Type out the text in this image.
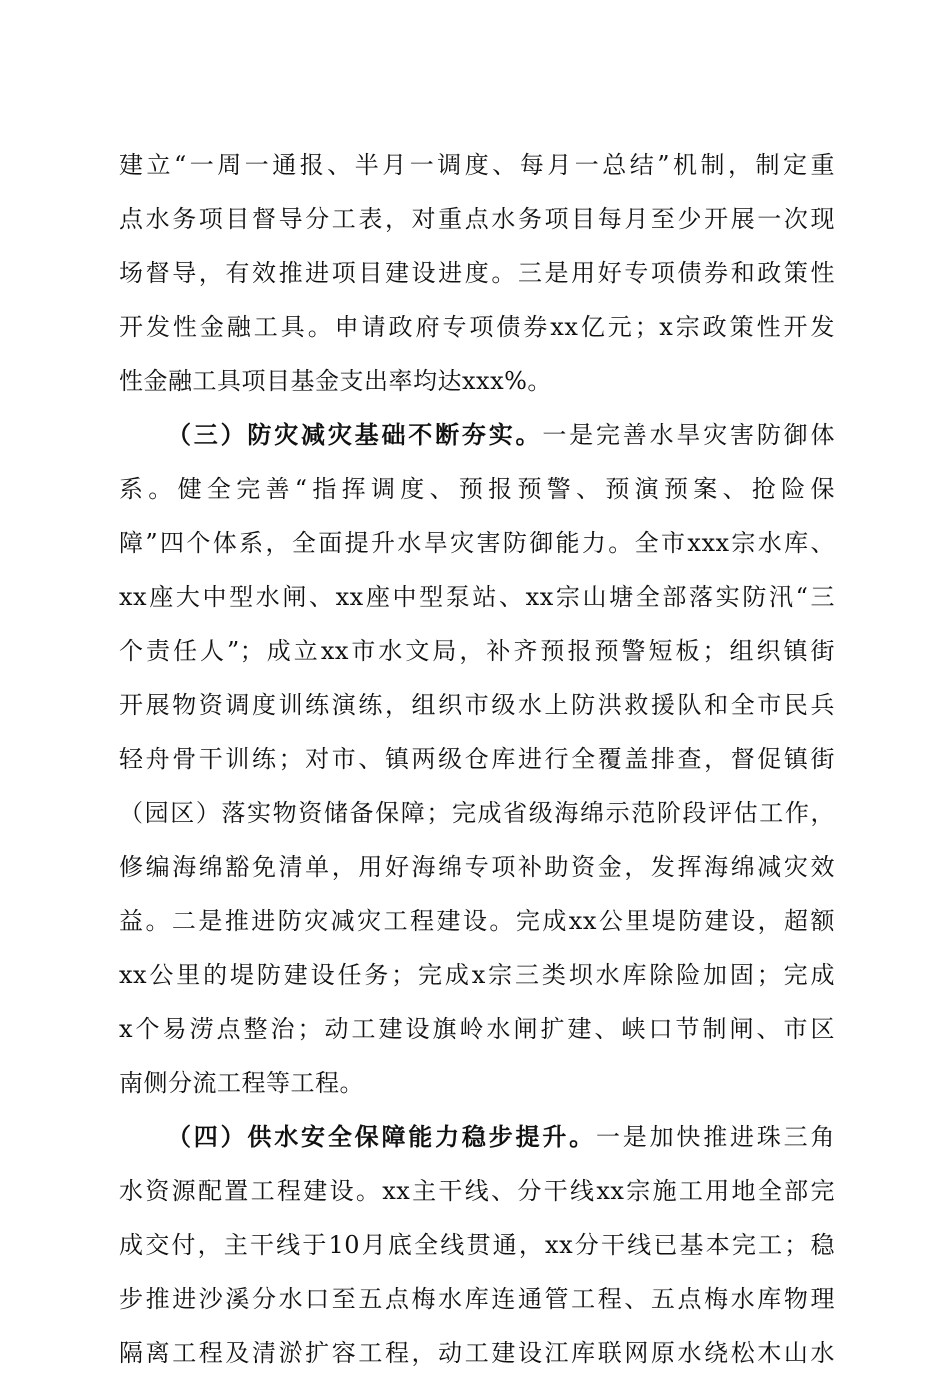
建立“一周一通报、半月一调度、每月一总结”机制，制定重
点水务项目督导分工表，对重点水务项目每月至少开展一次现
场督导，有效推进项目建设进度。三是用好专项债券和政策性
开发性金融工具。申请政府专项债券xx亿元；x宗政策性开发
性金融工具项目基金支出率均达xxx%。
（三）防灾减灾基础不断夯实。一是完善水旱灾害防御体
系。健全完善“指挥调度、预报预警、预演预案、抢险保
障”四个体系，全面提升水旱灾害防御能力。全市xxx宗水库、
xx座大中型水闸、xx座中型泵站、xx宗山塘全部落实防汛“三
个责任人”；成立xx市水文局，补齐预报预警短板；组织镇街
开展物资调度训练演练，组织市级水上防洪救援队和全市民兵
轻舟骨干训练；对市、镇两级仓库进行全覆盖排查，督促镇街
（园区）落实物资储备保障；完成省级海绵示范阶段评估工作，
修编海绵豁免清单，用好海绵专项补助资金，发挥海绵减灾效
益。二是推进防灾减灾工程建设。完成xx公里堤防建设，超额
xx公里的堤防建设任务；完成x宗三类坝水库除险加固；完成
x个易涝点整治；动工建设旗岭水闸扩建、峡口节制闸、市区
南侧分流工程等工程。
（四）供水安全保障能力稳步提升。一是加快推进珠三角
水资源配置工程建设。xx主干线、分干线xx宗施工用地全部完
成交付，主干线于10月底全线贯通，xx分干线已基本完工；稳
步推进沙溪分水口至五点梅水库连通管工程、五点梅水库物理
隔离工程及清淤扩容工程，动工建设江库联网原水绕松木山水
